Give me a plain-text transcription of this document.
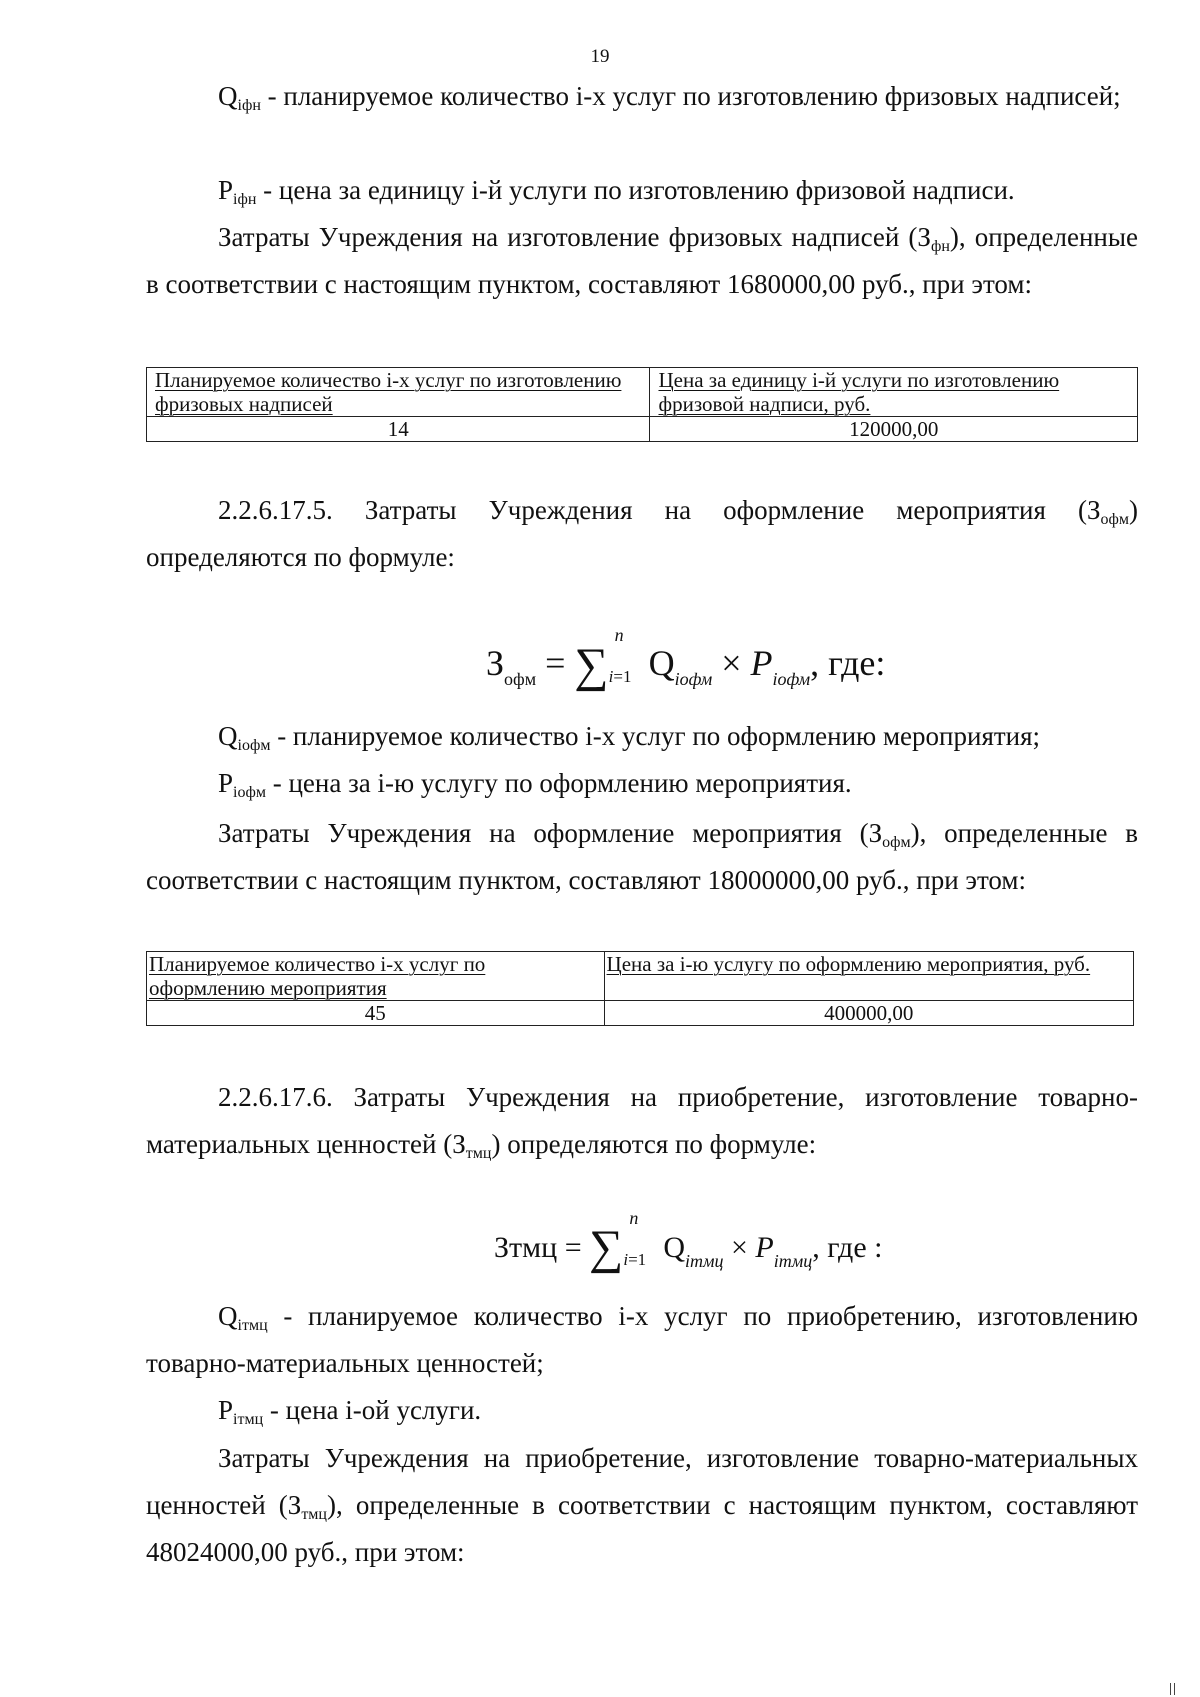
19

$Q_{iфн}$ - планируемое количество i-х услуг по изготовлению фризовых надписей;

$P_{iфн}$ - цена за единицу i-й услуги по изготовлению фризовой надписи.

Затраты Учреждения на изготовление фризовых надписей $(З_{фн})$, определенные в соответствии с настоящим пунктом, составляют 1680000,00 руб., при этом:

Планируемое количество i-х услуг по изготовлению фризовых надписей	Цена за единицу i-й услуги по изготовлению фризовой надписи, руб.
14	120000,00

2.2.6.17.5. Затраты Учреждения на оформление мероприятия $(З_{офм})$ определяются по формуле:

$З_{офм}$ = ∑
n
i=1 $Q_{iофм} \times P_{iофм}$, где:

$Q_{iофм}$ - планируемое количество i-х услуг по оформлению мероприятия;

$P_{iофм}$ - цена за i-ю услугу по оформлению мероприятия.

Затраты Учреждения на оформление мероприятия $(З_{офм})$, определенные в соответствии с настоящим пунктом, составляют 18000000,00 руб., при этом:

Планируемое количество i-х услуг по оформлению мероприятия	Цена за i-ю услугу по оформлению мероприятия, руб.
45	400000,00

2.2.6.17.6. Затраты Учреждения на приобретение, изготовление товарно-материальных ценностей $(З_{тмц})$ определяются по формуле:

Зтмц = ∑
n
i=1 $Q_{iтмц} \times P_{iтмц}$, где :

$Q_{iтмц}$ - планируемое количество i-х услуг по приобретению, изготовлению товарно-материальных ценностей;

$P_{iтмц}$ - цена i-ой услуги.

Затраты Учреждения на приобретение, изготовление товарно-материальных ценностей $(З_{тмц})$, определенные в соответствии с настоящим пунктом, составляют 48024000,00 руб., при этом:
